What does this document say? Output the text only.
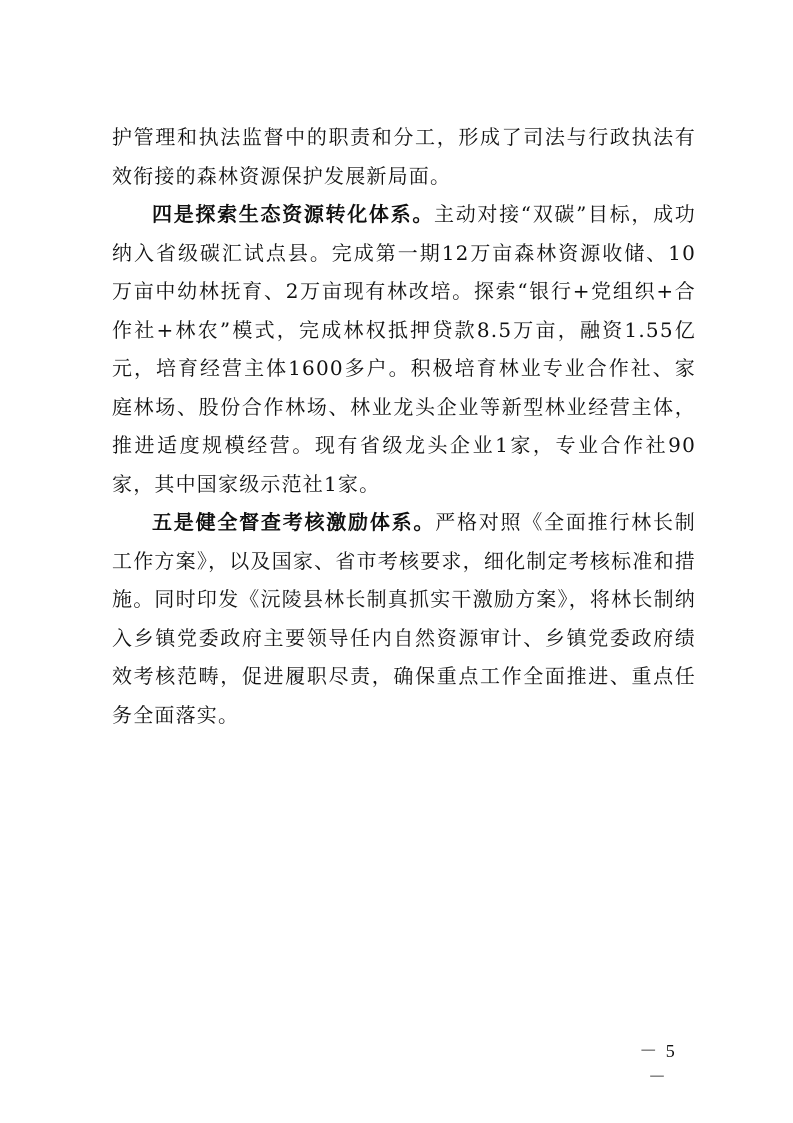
护管理和执法监督中的职责和分工，形成了司法与行政执法有效衔接的森林资源保护发展新局面。

四是探索生态资源转化体系。主动对接“双碳”目标，成功纳入省级碳汇试点县。完成第一期12万亩森林资源收储、10万亩中幼林抚育、2万亩现有林改培。探索“银行+党组织+合作社+林农”模式，完成林权抵押贷款8.5万亩，融资1.55亿元，培育经营主体1600多户。积极培育林业专业合作社、家庭林场、股份合作林场、林业龙头企业等新型林业经营主体，推进适度规模经营。现有省级龙头企业1家，专业合作社90家，其中国家级示范社1家。

五是健全督查考核激励体系。严格对照《全面推行林长制工作方案》，以及国家、省市考核要求，细化制定考核标准和措施。同时印发《沅陵县林长制真抓实干激励方案》，将林长制纳入乡镇党委政府主要领导任内自然资源审计、乡镇党委政府绩效考核范畴，促进履职尽责，确保重点工作全面推进、重点任务全面落实。

－ 5 －
